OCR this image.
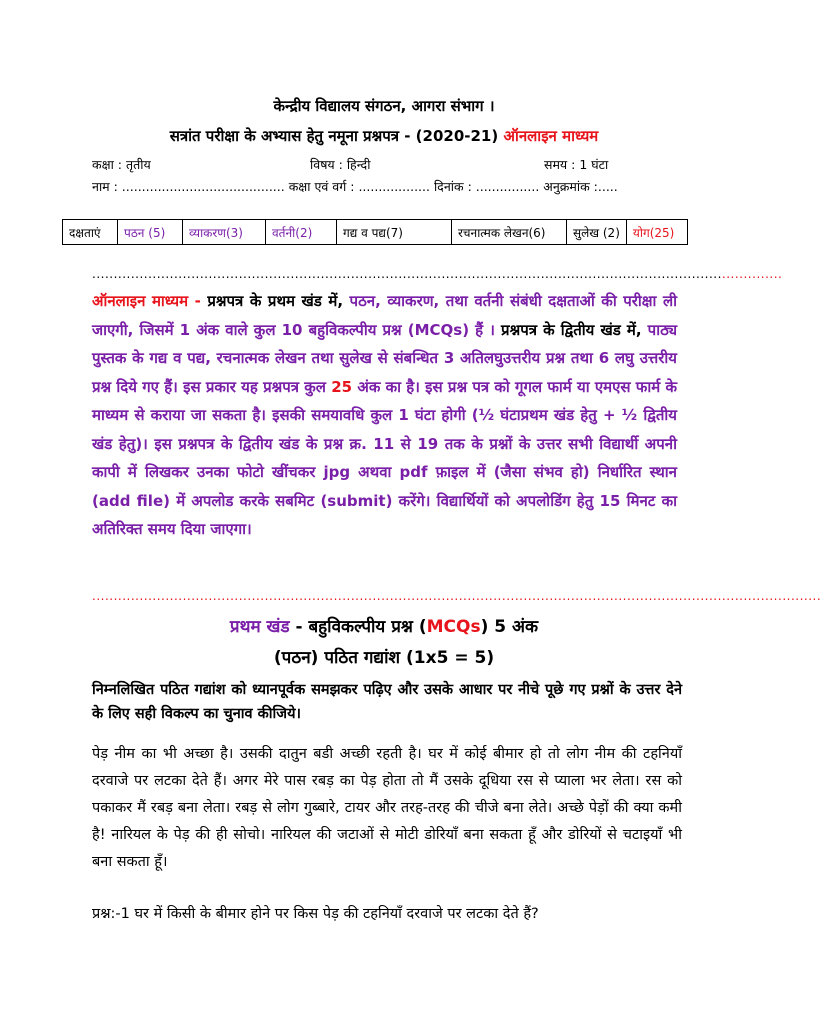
केन्द्रीय विद्यालय संगठन, आगरा संभाग ।
सत्रांत परीक्षा के अभ्यास हेतु नमूना प्रश्नपत्र - (2020-21) ऑनलाइन माध्यम
कक्षा : तृतीय	विषय : हिन्दी	समय : 1 घंटा
नाम : ......................................... कक्षा एवं वर्ग : .................. दिनांक : ................ अनुक्रमांक :.....
दक्षताएं	पठन (5)	व्याकरण(3)	वर्तनी(2)	गद्य व पद्य(7)	रचनात्मक लेखन(6)	सुलेख (2)	योग(25)
................................................................................................................................................................
ऑनलाइन माध्यम - प्रश्नपत्र के प्रथम खंड में, पठन, व्याकरण, तथा वर्तनी संबंधी दक्षताओं की परीक्षा ली जाएगी, जिसमें 1 अंक वाले कुल 10 बहुविकल्पीय प्रश्न (MCQs) हैं । प्रश्नपत्र के द्वितीय खंड में, पाठ्य पुस्तक के गद्य व पद्य, रचनात्मक लेखन तथा सुलेख से संबन्धित 3 अतिलघुउत्तरीय प्रश्न तथा 6 लघु उत्तरीय प्रश्न दिये गए हैं। इस प्रकार यह प्रश्नपत्र कुल 25 अंक का है। इस प्रश्न पत्र को गूगल फार्म या एमएस फार्म के माध्यम से कराया जा सकता है। इसकी समयावधि कुल 1 घंटा होगी (½ घंटाप्रथम खंड हेतु + ½ द्वितीय खंड हेतु)। इस प्रश्नपत्र के द्वितीय खंड के प्रश्न क्र. 11 से 19 तक के प्रश्नों के उत्तर सभी विद्यार्थी अपनी कापी में लिखकर उनका फोटो खींचकर jpg अथवा pdf फ़ाइल में (जैसा संभव हो) निर्धारित स्थान (add file) में अपलोड करके सबमिट (submit) करेंगे। विद्यार्थियों को अपलोडिंग हेतु 15 मिनट का अतिरिक्त समय दिया जाएगा।
.........................................................................................................................................................................
प्रथम खंड - बहुविकल्पीय प्रश्न (MCQs) 5 अंक
(पठन) पठित गद्यांश (1x5 = 5)
निम्नलिखित पठित गद्यांश को ध्यानपूर्वक समझकर पढ़िए और उसके आधार पर नीचे पूछे गए प्रश्नों के उत्तर देने के लिए सही विकल्प का चुनाव कीजिये।
पेड़ नीम का भी अच्छा है। उसकी दातुन बडी अच्छी रहती है। घर में कोई बीमार हो तो लोग नीम की टहनियाँ दरवाजे पर लटका देते हैं। अगर मेरे पास रबड़ का पेड़ होता तो मैं उसके दूधिया रस से प्याला भर लेता। रस को पकाकर मैं रबड़ बना लेता। रबड़ से लोग गुब्बारे, टायर और तरह-तरह की चीजे बना लेते। अच्छे पेड़ों की क्या कमी है! नारियल के पेड़ की ही सोचो। नारियल की जटाओं से मोटी डोरियाँ बना सकता हूँ और डोरियों से चटाइयाँ भी बना सकता हूँ।
प्रश्न:-1 घर में किसी के बीमार होने पर किस पेड़ की टहनियाँ दरवाजे पर लटका देते हैं?
